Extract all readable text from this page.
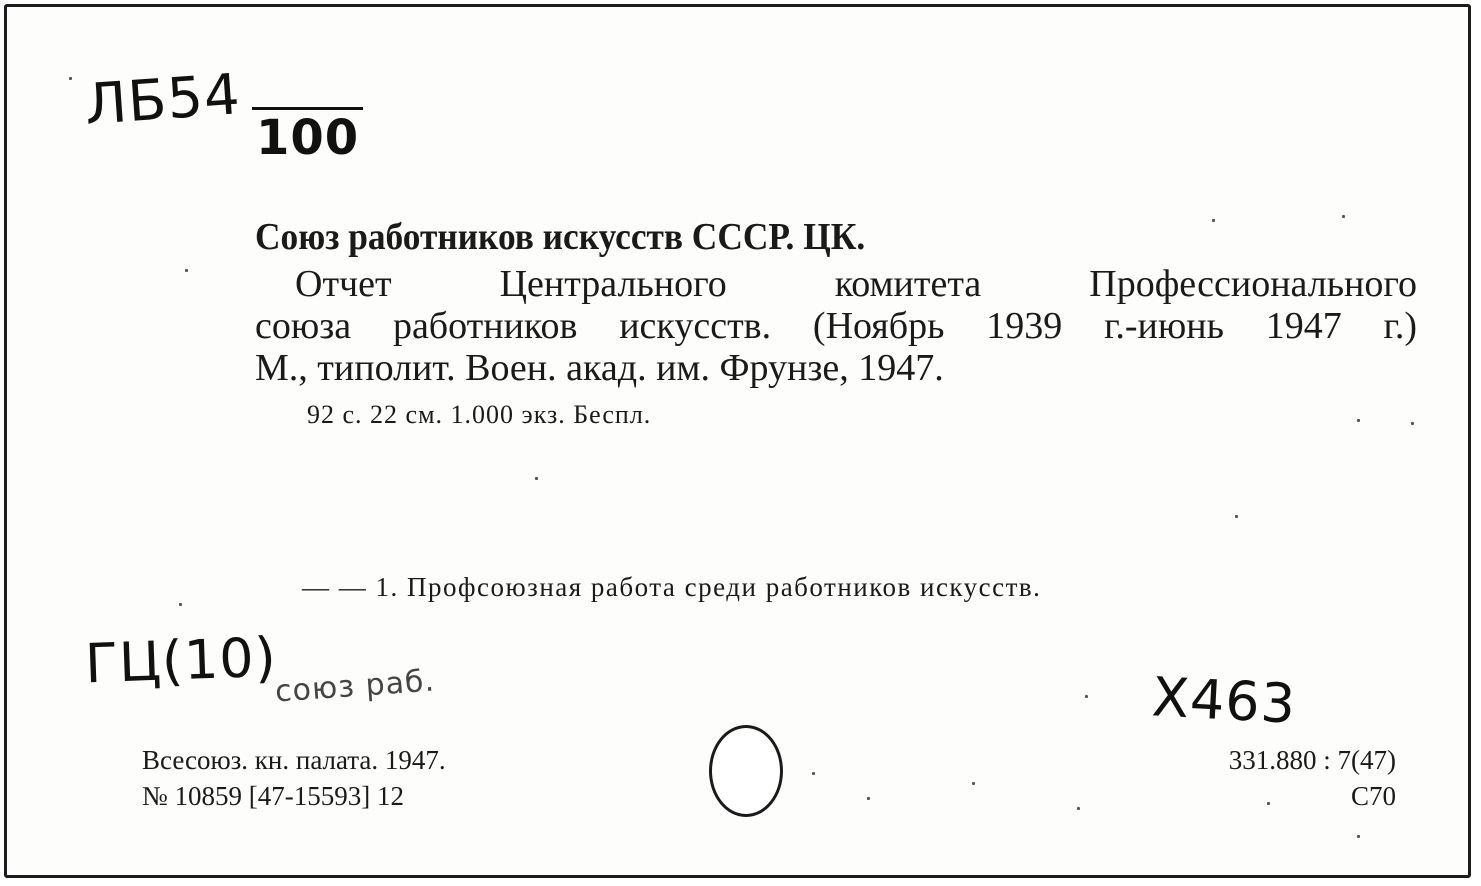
ЛБ54
100
Союз работников искусств СССР. ЦК.
Отчет Центрального комитета Профессионального
союза работников искусств. (Ноябрь 1939 г.-июнь 1947 г.)
М., типолит. Воен. акад. им. Фрунзе, 1947.
92 с. 22 см. 1.000 экз. Беспл.
— — 1. Профсоюзная работа среди работников искусств.
ГЦ(10)
союз раб.	Х463
Всесоюз. кн. палата. 1947.
№ 10859 [47-15593] 12
331.880 : 7(47)
С70
